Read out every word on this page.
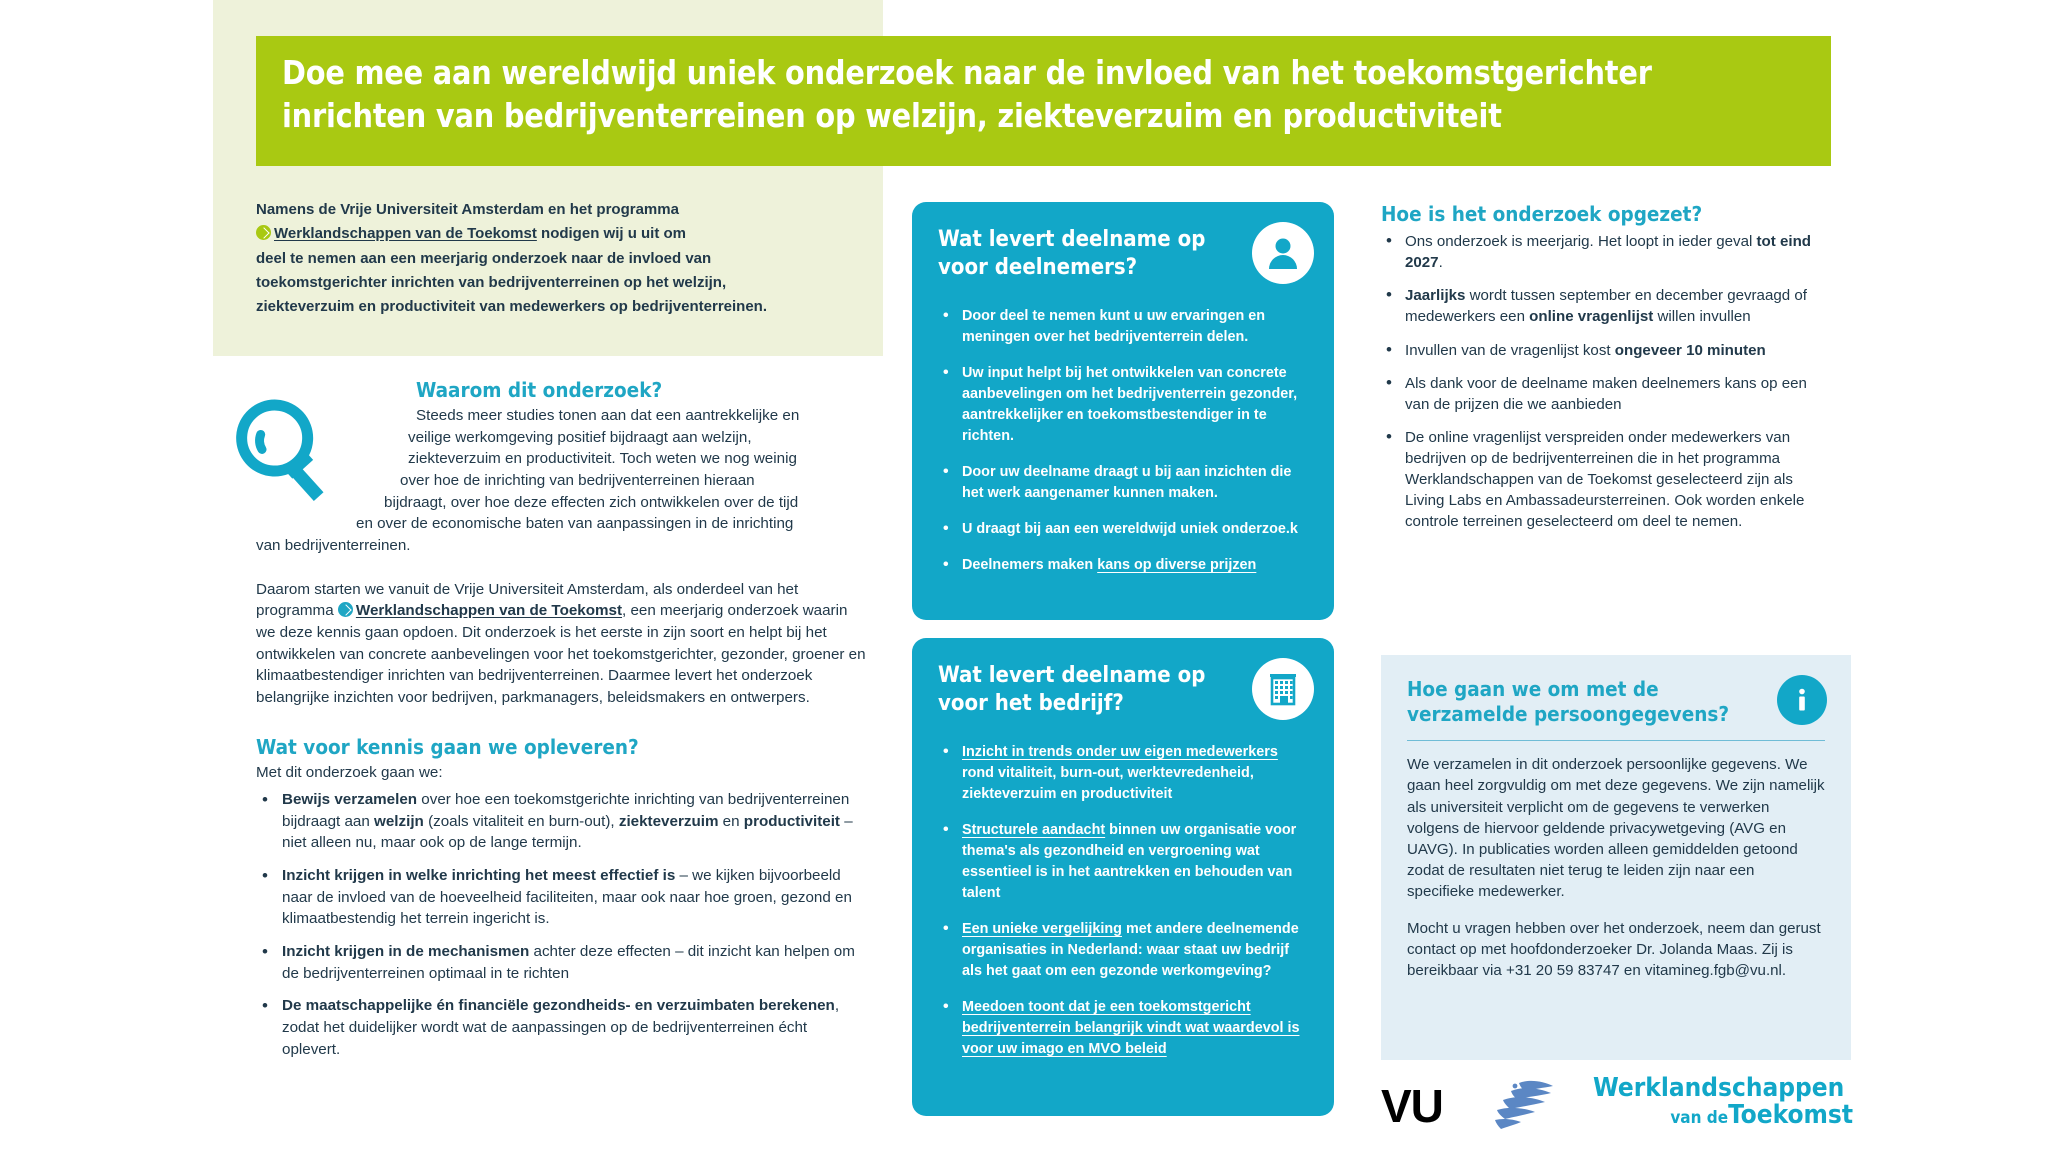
Doe mee aan wereldwijd uniek onderzoek naar de invloed van het toekomstgerichter
inrichten van bedrijventerreinen op welzijn, ziekteverzuim en productiviteit
Namens de Vrije Universiteit Amsterdam en het programma
Werklandschappen van de Toekomst nodigen wij u uit om
deel te nemen aan een meerjarig onderzoek naar de invloed van
toekomstgerichter inrichten van bedrijventerreinen op het welzijn,
ziekteverzuim en productiviteit van medewerkers op bedrijventerreinen.
Waarom dit onderzoek?
Steeds meer studies tonen aan dat een aantrekkelijke en
veilige werkomgeving positief bijdraagt aan welzijn,
ziekteverzuim en productiviteit. Toch weten we nog weinig
over hoe de inrichting van bedrijventerreinen hieraan
bijdraagt, over hoe deze effecten zich ontwikkelen over de tijd
en over de economische baten van aanpassingen in de inrichting
van bedrijventerreinen.
Daarom starten we vanuit de Vrije Universiteit Amsterdam, als onderdeel van het programma Werklandschappen van de Toekomst, een meerjarig onderzoek waarin we deze kennis gaan opdoen. Dit onderzoek is het eerste in zijn soort en helpt bij het ontwikkelen van concrete aanbevelingen voor het toekomstgerichter, gezonder, groener en klimaatbestendiger inrichten van bedrijventerreinen. Daarmee levert het onderzoek belangrijke inzichten voor bedrijven, parkmanagers, beleidsmakers en ontwerpers.
Wat voor kennis gaan we opleveren?
Met dit onderzoek gaan we:
• Bewijs verzamelen over hoe een toekomstgerichte inrichting van bedrijventerreinen bijdraagt aan welzijn (zoals vitaliteit en burn-out), ziekteverzuim en productiviteit – niet alleen nu, maar ook op de lange termijn.
• Inzicht krijgen in welke inrichting het meest effectief is – we kijken bijvoorbeeld naar de invloed van de hoeveelheid faciliteiten, maar ook naar hoe groen, gezond en klimaatbestendig het terrein ingericht is.
• Inzicht krijgen in de mechanismen achter deze effecten – dit inzicht kan helpen om de bedrijventerreinen optimaal in te richten
• De maatschappelijke én financiële gezondheids- en verzuimbaten berekenen, zodat het duidelijker wordt wat de aanpassingen op de bedrijventerreinen écht oplevert.
Wat levert deelname op voor deelnemers?
• Door deel te nemen kunt u uw ervaringen en meningen over het bedrijventerrein delen.
• Uw input helpt bij het ontwikkelen van concrete aanbevelingen om het bedrijventerrein gezonder, aantrekkelijker en toekomstbestendiger in te richten.
• Door uw deelname draagt u bij aan inzichten die het werk aangenamer kunnen maken.
• U draagt bij aan een wereldwijd uniek onderzoe.k
• Deelnemers maken kans op diverse prijzen
Wat levert deelname op voor het bedrijf?
• Inzicht in trends onder uw eigen medewerkers rond vitaliteit, burn-out, werktevredenheid, ziekteverzuim en productiviteit
• Structurele aandacht binnen uw organisatie voor thema's als gezondheid en vergroening wat essentieel is in het aantrekken en behouden van talent
• Een unieke vergelijking met andere deelnemende organisaties in Nederland: waar staat uw bedrijf als het gaat om een gezonde werkomgeving?
• Meedoen toont dat je een toekomstgericht bedrijventerrein belangrijk vindt wat waardevol is voor uw imago en MVO beleid
Hoe is het onderzoek opgezet?
• Ons onderzoek is meerjarig. Het loopt in ieder geval tot eind 2027.
• Jaarlijks wordt tussen september en december gevraagd of medewerkers een online vragenlijst willen invullen
• Invullen van de vragenlijst kost ongeveer 10 minuten
• Als dank voor de deelname maken deelnemers kans op een van de prijzen die we aanbieden
• De online vragenlijst verspreiden onder medewerkers van bedrijven op de bedrijventerreinen die in het programma Werklandschappen van de Toekomst geselecteerd zijn als Living Labs en Ambassadeursterreinen. Ook worden enkele controle terreinen geselecteerd om deel te nemen.
Hoe gaan we om met de verzamelde persoongegevens?

We verzamelen in dit onderzoek persoonlijke gegevens. We gaan heel zorgvuldig om met deze gegevens. We zijn namelijk als universiteit verplicht om de gegevens te verwerken volgens de hiervoor geldende privacywetgeving (AVG en UAVG). In publicaties worden alleen gemiddelden getoond zodat de resultaten niet terug te leiden zijn naar een specifieke medewerker.

Mocht u vragen hebben over het onderzoek, neem dan gerust contact op met hoofdonderzoeker Dr. Jolanda Maas. Zij is bereikbaar via +31 20 59 83747 en vitamineg.fgb@vu.nl.

VU	Werklandschappen
van deToekomst
